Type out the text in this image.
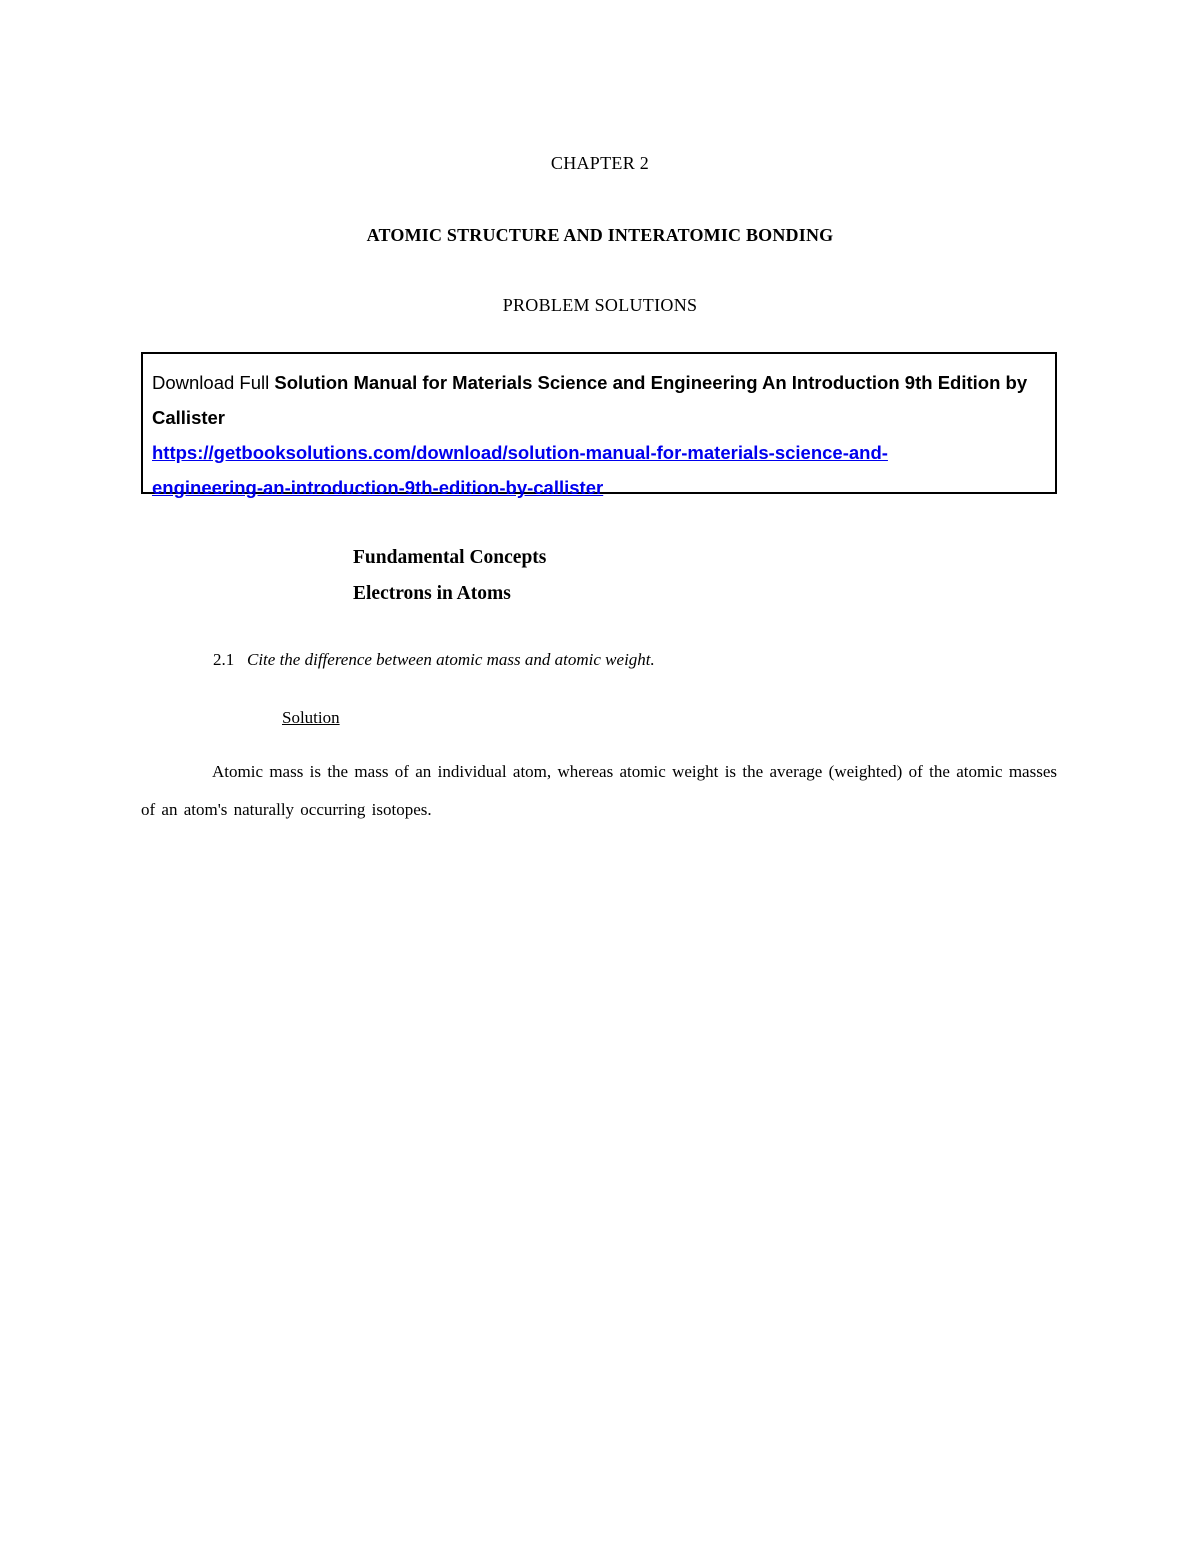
CHAPTER 2
ATOMIC STRUCTURE AND INTERATOMIC BONDING
PROBLEM SOLUTIONS
Download Full Solution Manual for Materials Science and Engineering An Introduction 9th Edition by Callister
https://getbooksolutions.com/download/solution-manual-for-materials-science-and-
engineering-an-introduction-9th-edition-by-callister
Fundamental Concepts
Electrons in Atoms
2.1 Cite the difference between atomic mass and atomic weight.
Solution
Atomic mass is the mass of an individual atom, whereas atomic weight is the average (weighted) of the atomic masses of an atom's naturally occurring isotopes.
